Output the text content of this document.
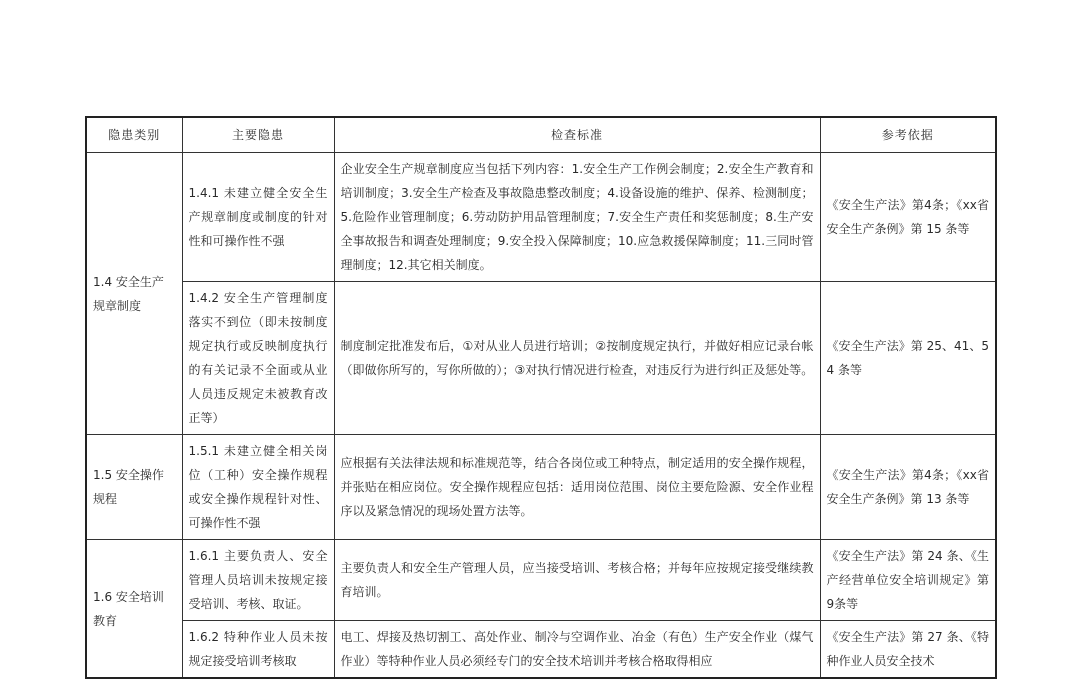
隐患类别	主要隐患	检查标准	参考依据
1.4 安全生产规章制度	1.4.1 未建立健全安全生产规章制度或制度的针对性和可操作性不强	企业安全生产规章制度应当包括下列内容：1.安全生产工作例会制度；2.安全生产教育和培训制度；3.安全生产检查及事故隐患整改制度；4.设备设施的维护、保养、检测制度；5.危险作业管理制度；6.劳动防护用品管理制度；7.安全生产责任和奖惩制度；8.生产安全事故报告和调查处理制度；9.安全投入保障制度；10.应急救援保障制度；11.三同时管理制度；12.其它相关制度。	《安全生产法》第4条；《xx省安全生产条例》第 15 条等
	1.4.2 安全生产管理制度落实不到位（即未按制度规定执行或反映制度执行的有关记录不全面或从业人员违反规定未被教育改正等）	制度制定批准发布后，①对从业人员进行培训；②按制度规定执行，并做好相应记录台帐（即做你所写的，写你所做的）；③对执行情况进行检查，对违反行为进行纠正及惩处等。	《安全生产法》第 25、41、54 条等
1.5 安全操作规程	1.5.1 未建立健全相关岗位（工种）安全操作规程或安全操作规程针对性、可操作性不强	应根据有关法律法规和标准规范等，结合各岗位或工种特点，制定适用的安全操作规程，并张贴在相应岗位。安全操作规程应包括：适用岗位范围、岗位主要危险源、安全作业程序以及紧急情况的现场处置方法等。	《安全生产法》第4条；《xx省安全生产条例》第 13 条等
1.6 安全培训教育	1.6.1 主要负责人、安全管理人员培训未按规定接受培训、考核、取证。	主要负责人和安全生产管理人员，应当接受培训、考核合格；并每年应按规定接受继续教育培训。	《安全生产法》第 24 条、《生产经营单位安全培训规定》第9条等
	1.6.2 特种作业人员未按规定接受培训考核取	电工、焊接及热切割工、高处作业、制冷与空调作业、冶金（有色）生产安全作业（煤气作业）等特种作业人员必须经专门的安全技术培训并考核合格取得相应	《安全生产法》第 27 条、《特种作业人员安全技术
